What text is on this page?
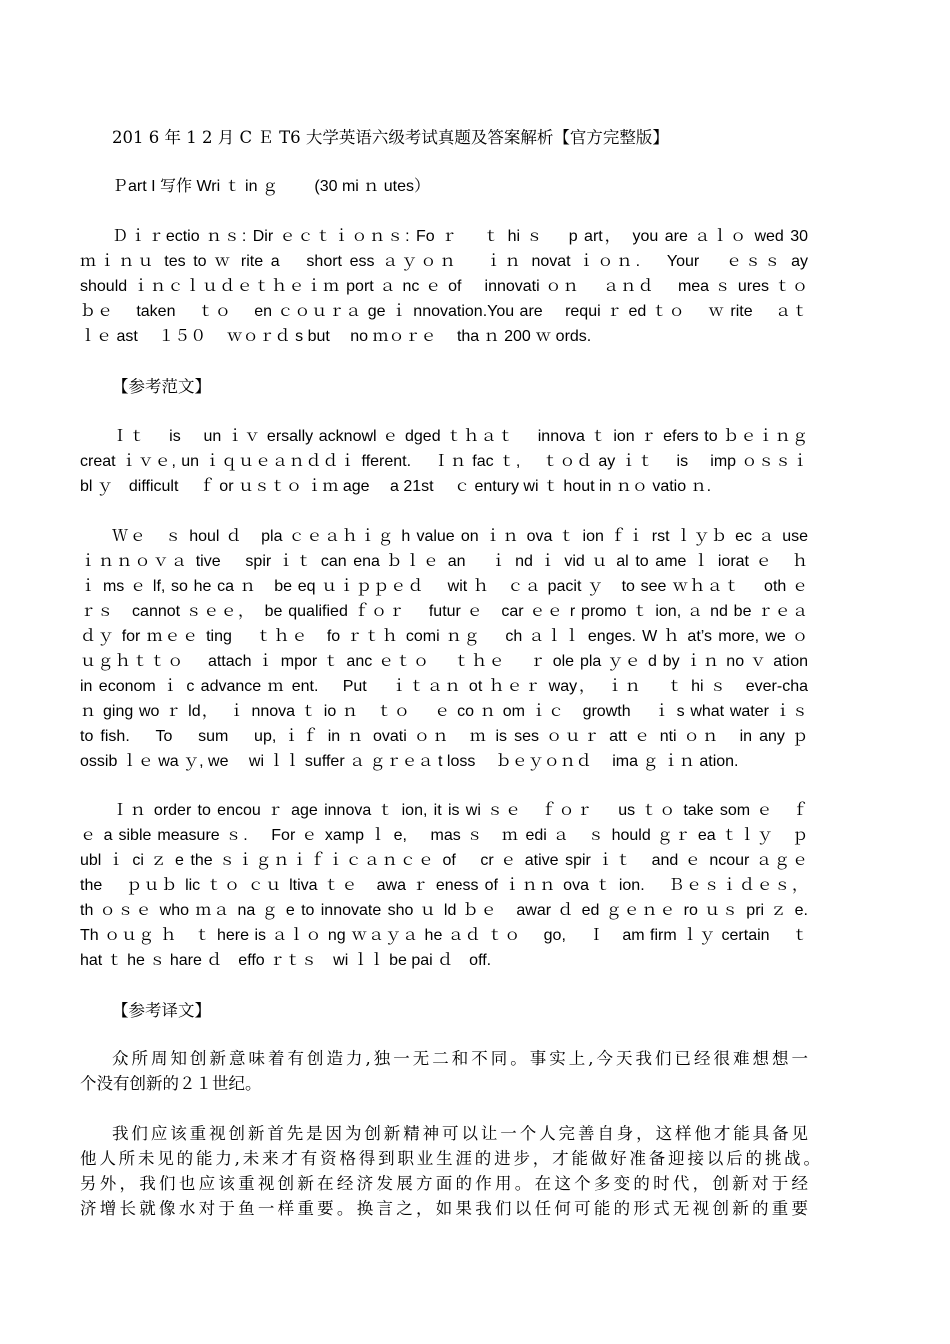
201 6 年 1 2 月 C Ｅ T6 大学英语六级考试真题及答案解析【官方完整版】
Ｐart I 写作 Wri ｔ in ｇ 　　(30 mi ｎ utes）
Ｄｉｒectio ｎｓ: Dir ｅｃｔｉｏｎｓ: Fo ｒ 　ｔ hi ｓ 　p art，　you are ａｌｏ wed 30
ｍｉｎｕ tes to ｗ rite a 　short ess ａｙｏｎ 　ｉｎ novat ｉｏｎ. 　Your 　ｅｓｓ ay
should ｉｎｃｌｕｄｅｔｈｅｉｍ port ａ nc ｅ of 　innovati ｏｎ 　ａｎｄ 　mea ｓ ures ｔｏ
ｂｅ 　taken 　ｔｏ 　en ｃｏｕｒａ ge ｉ nnovation.You are 　requi ｒ ed ｔｏ 　ｗ rite 　ａｔ
ｌｅ ast 　１５０ 　ｗｏｒｄ s but 　no ｍｏｒｅ 　tha ｎ 200 ｗ ords.
【参考范文】
Ｉｔ 　is 　un ｉｖ ersally acknowl ｅ dged ｔｈａｔ 　innova ｔ ion ｒ efers to ｂｅｉｎｇ
creat ｉｖｅ, un ｉｑｕｅａｎｄｄｉ fferent. 　Ｉｎ fac ｔ, 　ｔｏｄ ay ｉｔ 　is 　imp ｏｓｓｉ
bl ｙ　difficult 　ｆ or ｕｓｔｏ ｉｍ age 　a 21st 　ｃ entury wi ｔ hout in ｎｏ vatio ｎ.
Ｗｅ　ｓ houl ｄ　pla ｃｅａｈｉｇ h value on ｉｎ ova ｔ ion ｆｉ rst ｌｙｂ ec ａ use
ｉｎｎｏｖａ tive 　spir ｉｔ can ena ｂｌｅ an 　ｉ nd ｉ vid ｕ al to ame ｌ iorat ｅ　ｈ
ｉ ms ｅ lf, so he ca ｎ　be eq ｕｉｐｐｅｄ 　wit ｈ　ｃａ pacit ｙ　to see ｗｈａｔ 　oth ｅ
ｒｓ　cannot ｓｅｅ，　be qualified ｆｏｒ 　futur ｅ　car ｅｅ r promo ｔ ion, ａ nd be ｒｅａ
ｄｙ for ｍｅｅ ting 　ｔｈｅ　fo ｒｔｈ comi ｎｇ　 ch ａｌｌ enges. W ｈ at’s more, we ｏ
ｕｇｈｔｔｏ 　attach ｉ mpor ｔ anc ｅｔｏ 　ｔｈｅ 　ｒ ole pla ｙｅ d by ｉｎ no ｖ ation
in econom ｉ c advance ｍ ent. 　Put 　ｉｔａｎ ot ｈｅｒ way，　ｉｎ 　ｔ hi ｓ　ever-cha
ｎ ging wo ｒ ld，　ｉ nnova ｔ io ｎ　ｔｏ 　ｅ co ｎ om ｉｃ　growth 　ｉ s what water ｉｓ
to fish. 　To 　sum 　up, ｉｆ in ｎ ovati ｏｎ　ｍ is ses ｏｕｒ att ｅ nti ｏｎ　in any ｐ
ossib ｌｅ wa ｙ, we 　wi ｌｌ suffer ａ ｇｒｅａ t loss 　ｂｅｙｏｎｄ 　ima ｇ ｉｎ ation.
Ｉｎ order to encou ｒ age innova ｔ ion, it is wi ｓｅ　ｆｏｒ 　us ｔｏ take som ｅ　ｆ
ｅ a sible measure ｓ. 　For ｅ xamp ｌ e, 　mas ｓ　ｍ edi ａ　ｓ hould ｇｒ ea ｔｌｙ　ｐ
ubl ｉ ci ｚ e the ｓｉｇｎｉｆｉｃａｎｃｅ of 　cr ｅ ative spir ｉｔ　and ｅ ncour ａｇｅ
the 　ｐｕｂ lic ｔｏ ｃｕ ltiva ｔｅ　awa ｒ eness of ｉｎｎ ova ｔ ion. 　Ｂｅｓｉｄｅｓ，
th ｏｓｅ who ｍａ na ｇ e to innovate sho ｕ ld ｂｅ　awar ｄ ed ｇｅｎｅ ro ｕｓ pri ｚ e.
Th ｏｕｇ ｈ　ｔ here is ａｌｏ ng ｗａｙａ he ａｄ ｔｏ 　go, 　Ｉ　am firm ｌｙ certain 　ｔ
hat ｔ he ｓ hare ｄ　effo ｒｔｓ　wi ｌｌ be pai ｄ　off.
【参考译文】
众所周知创新意味着有创造力,独一无二和不同。事实上,今天我们已经很难想想一
个没有创新的２１世纪。
我们应该重视创新首先是因为创新精神可以让一个人完善自身，这样他才能具备见
他人所未见的能力,未来才有资格得到职业生涯的进步，才能做好准备迎接以后的挑战。
另外，我们也应该重视创新在经济发展方面的作用。在这个多变的时代，创新对于经
济增长就像水对于鱼一样重要。换言之，如果我们以任何可能的形式无视创新的重要
